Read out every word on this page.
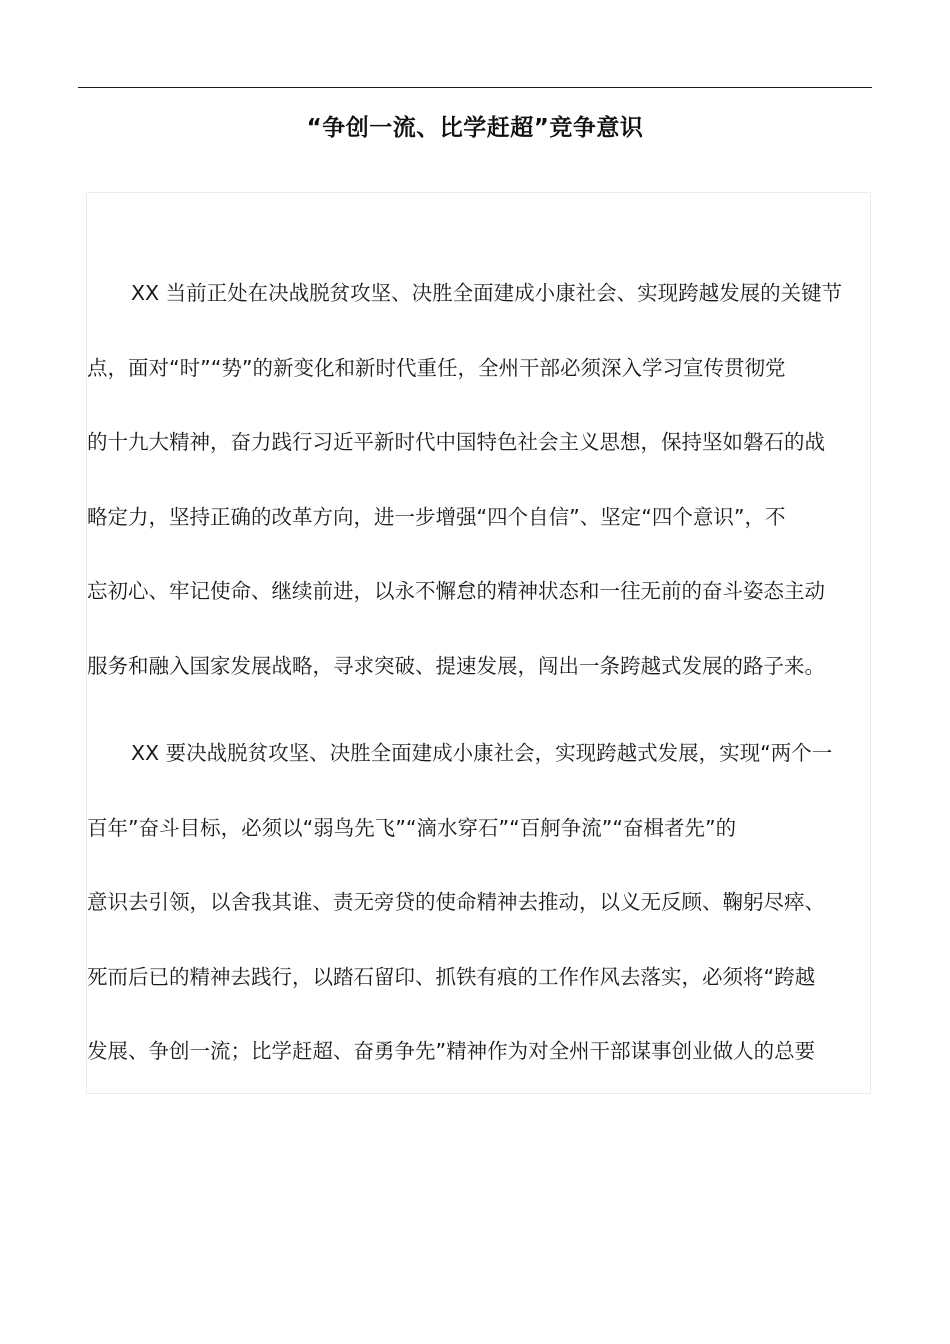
“争创一流、比学赶超”竞争意识
XX 当前正处在决战脱贫攻坚、决胜全面建成小康社会、实现跨越发展的关键节
点，面对“时”“势”的新变化和新时代重任，全州干部必须深入学习宣传贯彻党
的十九大精神，奋力践行习近平新时代中国特色社会主义思想，保持坚如磐石的战
略定力，坚持正确的改革方向，进一步增强“四个自信”、坚定“四个意识”，不
忘初心、牢记使命、继续前进，以永不懈怠的精神状态和一往无前的奋斗姿态主动
服务和融入国家发展战略，寻求突破、提速发展，闯出一条跨越式发展的路子来。
XX 要决战脱贫攻坚、决胜全面建成小康社会，实现跨越式发展，实现“两个一
百年”奋斗目标，必须以“弱鸟先飞”“滴水穿石”“百舸争流”“奋楫者先”的
意识去引领，以舍我其谁、责无旁贷的使命精神去推动，以义无反顾、鞠躬尽瘁、
死而后已的精神去践行，以踏石留印、抓铁有痕的工作作风去落实，必须将“跨越
发展、争创一流；比学赶超、奋勇争先”精神作为对全州干部谋事创业做人的总要
